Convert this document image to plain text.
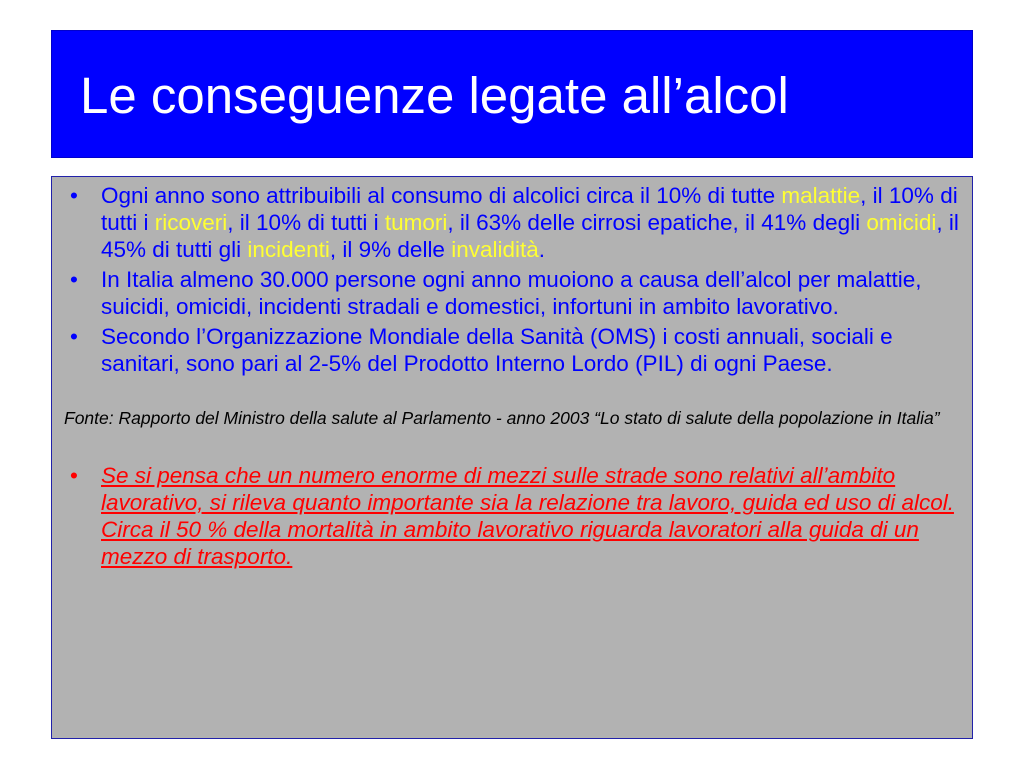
Le conseguenze legate all’alcol

• Ogni anno sono attribuibili al consumo di alcolici circa il 10% di tutte malattie, il 10% di tutti i ricoveri, il 10% di tutti i tumori, il 63% delle cirrosi epatiche, il 41% degli omicidi, il 45% di tutti gli incidenti, il 9% delle invalidità.

• In Italia almeno 30.000 persone ogni anno muoiono a causa dell’alcol per malattie, suicidi, omicidi, incidenti stradali e domestici, infortuni in ambito lavorativo.

• Secondo l’Organizzazione Mondiale della Sanità (OMS) i costi annuali, sociali e sanitari, sono pari al 2-5% del Prodotto Interno Lordo (PIL) di ogni Paese.

Fonte: Rapporto del Ministro della salute al Parlamento - anno 2003 “Lo stato di salute della popolazione in Italia”

• Se si pensa che un numero enorme di mezzi sulle strade sono relativi all’ambito lavorativo, si rileva quanto importante sia la relazione tra lavoro, guida ed uso di alcol. Circa il 50 % della mortalità in ambito lavorativo riguarda lavoratori alla guida di un mezzo di trasporto.
